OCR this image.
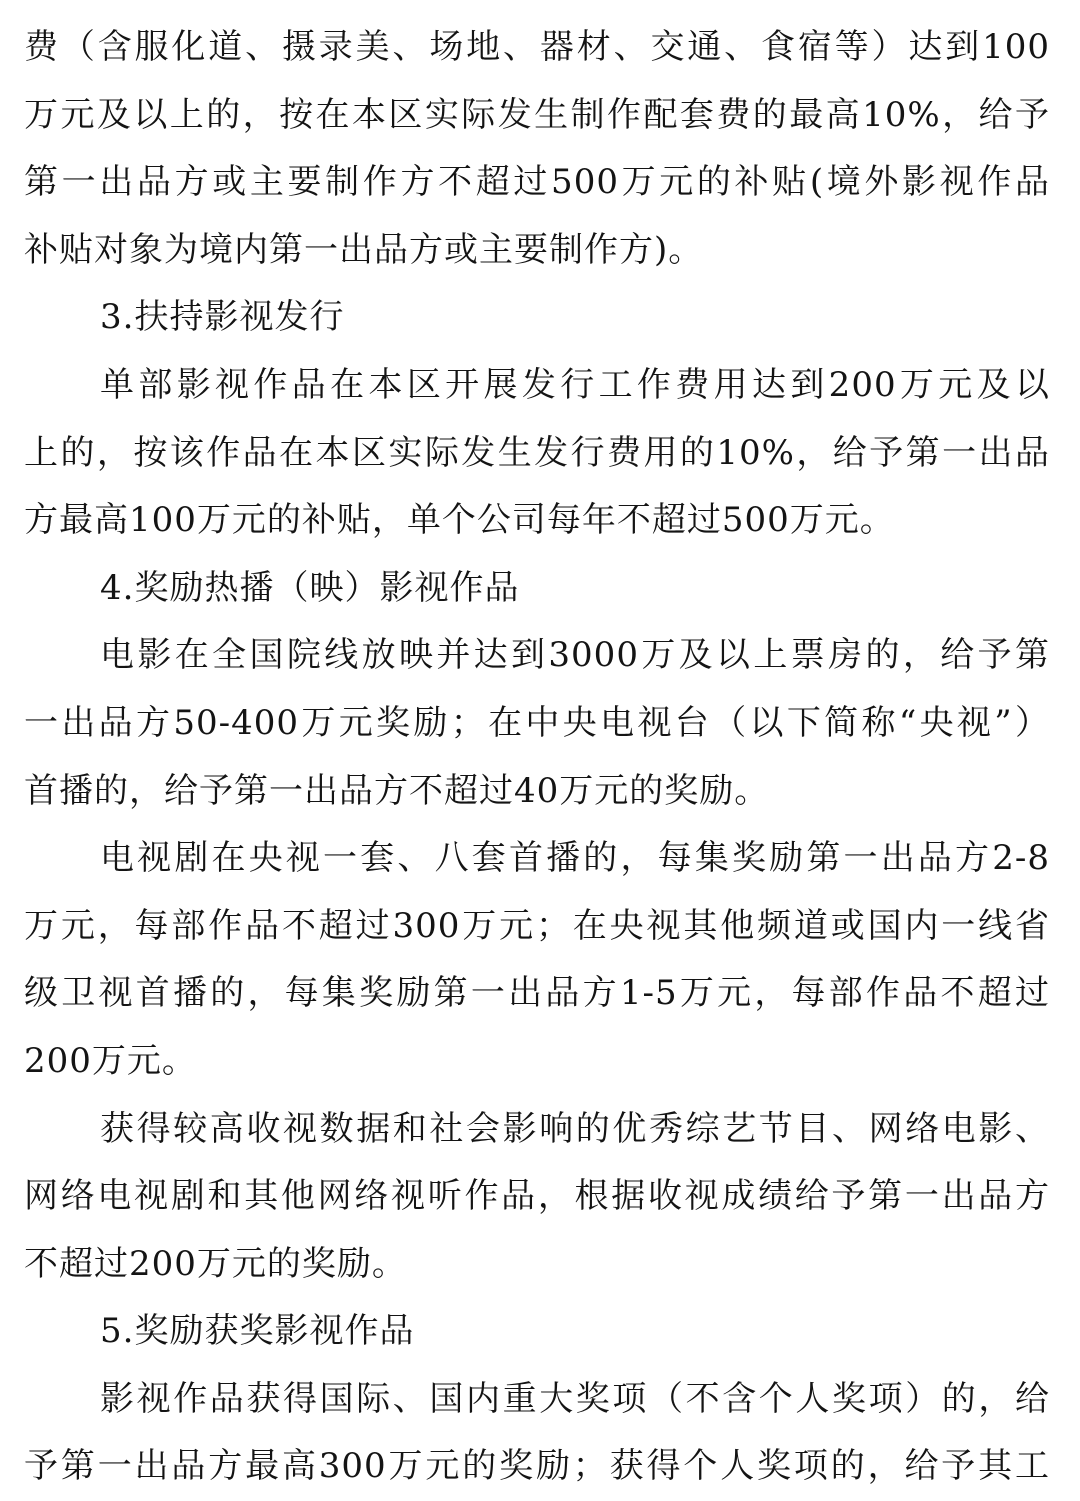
费（含服化道、摄录美、场地、器材、交通、食宿等）达到100
万元及以上的，按在本区实际发生制作配套费的最高10%，给予
第一出品方或主要制作方不超过500万元的补贴(境外影视作品
补贴对象为境内第一出品方或主要制作方)。
3.扶持影视发行
单部影视作品在本区开展发行工作费用达到200万元及以
上的，按该作品在本区实际发生发行费用的10%，给予第一出品
方最高100万元的补贴，单个公司每年不超过500万元。
4.奖励热播（映）影视作品
电影在全国院线放映并达到3000万及以上票房的，给予第
一出品方50-400万元奖励；在中央电视台（以下简称“央视”）
首播的，给予第一出品方不超过40万元的奖励。
电视剧在央视一套、八套首播的，每集奖励第一出品方2-8
万元，每部作品不超过300万元；在央视其他频道或国内一线省
级卫视首播的，每集奖励第一出品方1-5万元，每部作品不超过
200万元。
获得较高收视数据和社会影响的优秀综艺节目、网络电影、
网络电视剧和其他网络视听作品，根据收视成绩给予第一出品方
不超过200万元的奖励。
5.奖励获奖影视作品
影视作品获得国际、国内重大奖项（不含个人奖项）的，给
予第一出品方最高300万元的奖励；获得个人奖项的，给予其工
